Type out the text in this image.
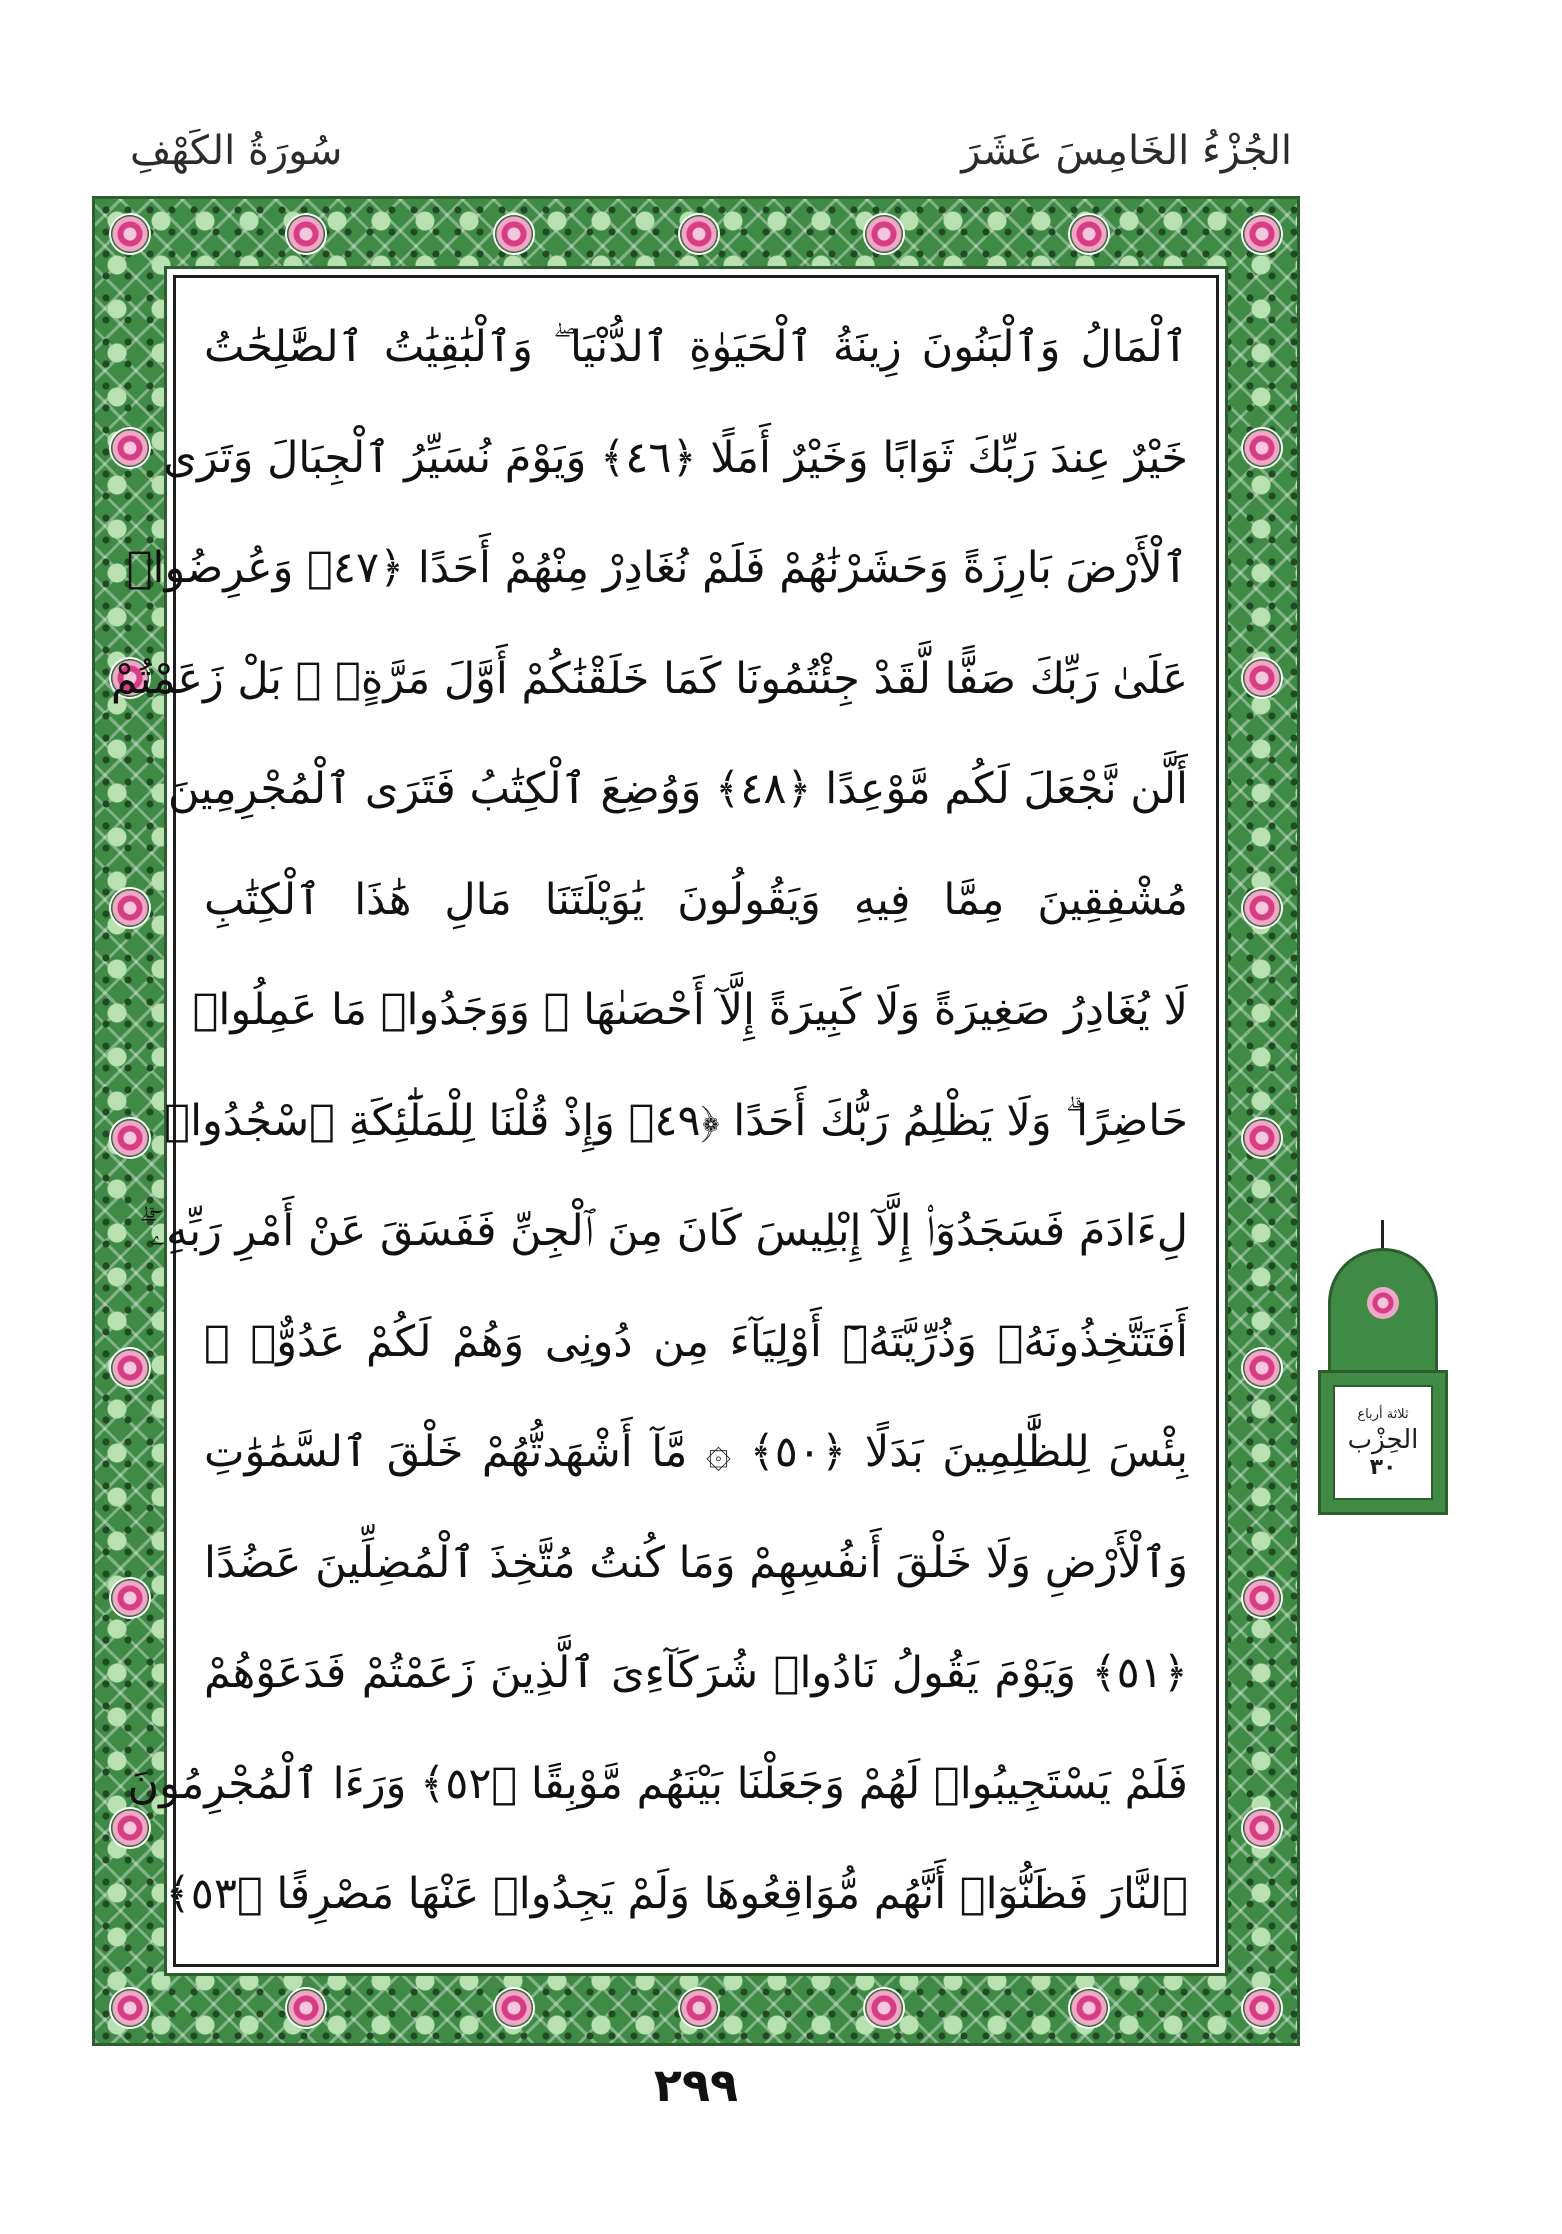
الجُزْءُ الخَامِسَ عَشَرَ
سُورَةُ الكَهْفِ
ٱلْمَالُ وَٱلْبَنُونَ زِينَةُ ٱلْحَيَوٰةِ ٱلدُّنْيَا ۖ وَٱلْبَٰقِيَٰتُ ٱلصَّٰلِحَٰتُ
خَيْرٌ عِندَ رَبِّكَ ثَوَابًا وَخَيْرٌ أَمَلًا ﴿٤٦﴾ وَيَوْمَ نُسَيِّرُ ٱلْجِبَالَ وَتَرَى
ٱلْأَرْضَ بَارِزَةً وَحَشَرْنَٰهُمْ فَلَمْ نُغَادِرْ مِنْهُمْ أَحَدًا ﴿٤٧﴾ وَعُرِضُوا۟
عَلَىٰ رَبِّكَ صَفًّا لَّقَدْ جِئْتُمُونَا كَمَا خَلَقْنَٰكُمْ أَوَّلَ مَرَّةٍۭ ۚ بَلْ زَعَمْتُمْ
أَلَّن نَّجْعَلَ لَكُم مَّوْعِدًا ﴿٤٨﴾ وَوُضِعَ ٱلْكِتَٰبُ فَتَرَى ٱلْمُجْرِمِينَ
مُشْفِقِينَ مِمَّا فِيهِ وَيَقُولُونَ يَٰوَيْلَتَنَا مَالِ هَٰذَا ٱلْكِتَٰبِ
لَا يُغَادِرُ صَغِيرَةً وَلَا كَبِيرَةً إِلَّآ أَحْصَىٰهَا ۚ وَوَجَدُوا۟ مَا عَمِلُوا۟
حَاضِرًا ۗ وَلَا يَظْلِمُ رَبُّكَ أَحَدًا ﴿٤٩﴾ وَإِذْ قُلْنَا لِلْمَلَٰٓئِكَةِ ٱسْجُدُوا۟
لِءَادَمَ فَسَجَدُوٓا۟ إِلَّآ إِبْلِيسَ كَانَ مِنَ ٱلْجِنِّ فَفَسَقَ عَنْ أَمْرِ رَبِّهِۦٓ ۗ
أَفَتَتَّخِذُونَهُۥ وَذُرِّيَّتَهُۥٓ أَوْلِيَآءَ مِن دُونِى وَهُمْ لَكُمْ عَدُوٌّۢ ۚ
بِئْسَ لِلظَّٰلِمِينَ بَدَلًا ﴿٥٠﴾ ۞ مَّآ أَشْهَدتُّهُمْ خَلْقَ ٱلسَّمَٰوَٰتِ
وَٱلْأَرْضِ وَلَا خَلْقَ أَنفُسِهِمْ وَمَا كُنتُ مُتَّخِذَ ٱلْمُضِلِّينَ عَضُدًا
﴿٥١﴾ وَيَوْمَ يَقُولُ نَادُوا۟ شُرَكَآءِىَ ٱلَّذِينَ زَعَمْتُمْ فَدَعَوْهُمْ
فَلَمْ يَسْتَجِيبُوا۟ لَهُمْ وَجَعَلْنَا بَيْنَهُم مَّوْبِقًا ﴿٥٢﴾ وَرَءَا ٱلْمُجْرِمُونَ
ٱلنَّارَ فَظَنُّوٓا۟ أَنَّهُم مُّوَاقِعُوهَا وَلَمْ يَجِدُوا۟ عَنْهَا مَصْرِفًا ﴿٥٣﴾
ثلاثة أرباع
الحِزْب
٣٠
٢٩٩
